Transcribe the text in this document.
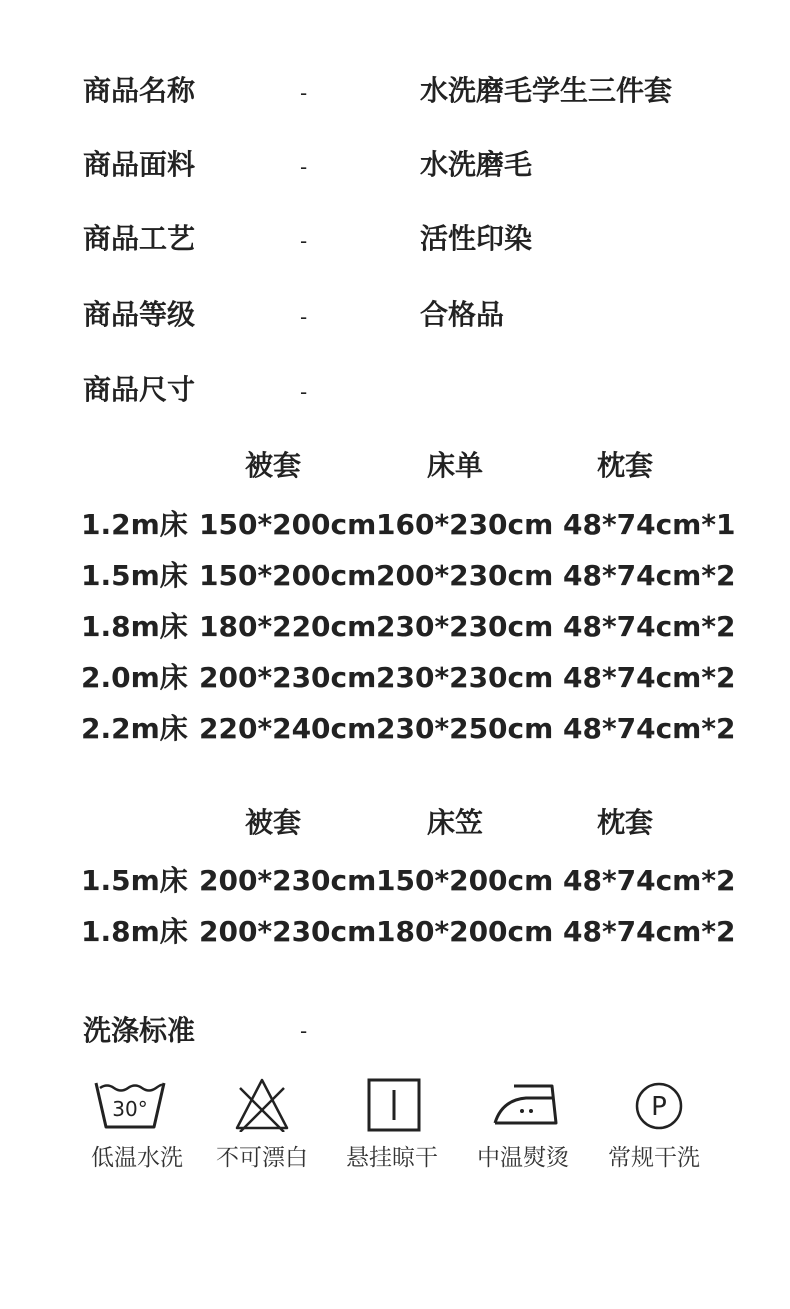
商品名称	-	水洗磨毛学生三件套
商品面料	-	水洗磨毛
商品工艺	-	活性印染
商品等级	-	合格品
商品尺寸	-
被套	床单	枕套
1.2m床 150*200cm 160*230cm 48*74cm*1
1.5m床 150*200cm 200*230cm 48*74cm*2
1.8m床 180*220cm 230*230cm 48*74cm*2
2.0m床 200*230cm 230*230cm 48*74cm*2
2.2m床 220*240cm 230*250cm 48*74cm*2
被套	床笠	枕套
1.5m床 200*230cm 150*200cm 48*74cm*2
1.8m床 200*230cm 180*200cm 48*74cm*2
洗涤标准	-
30°	P
低温水洗	不可漂白	悬挂晾干	中温熨烫	常规干洗
